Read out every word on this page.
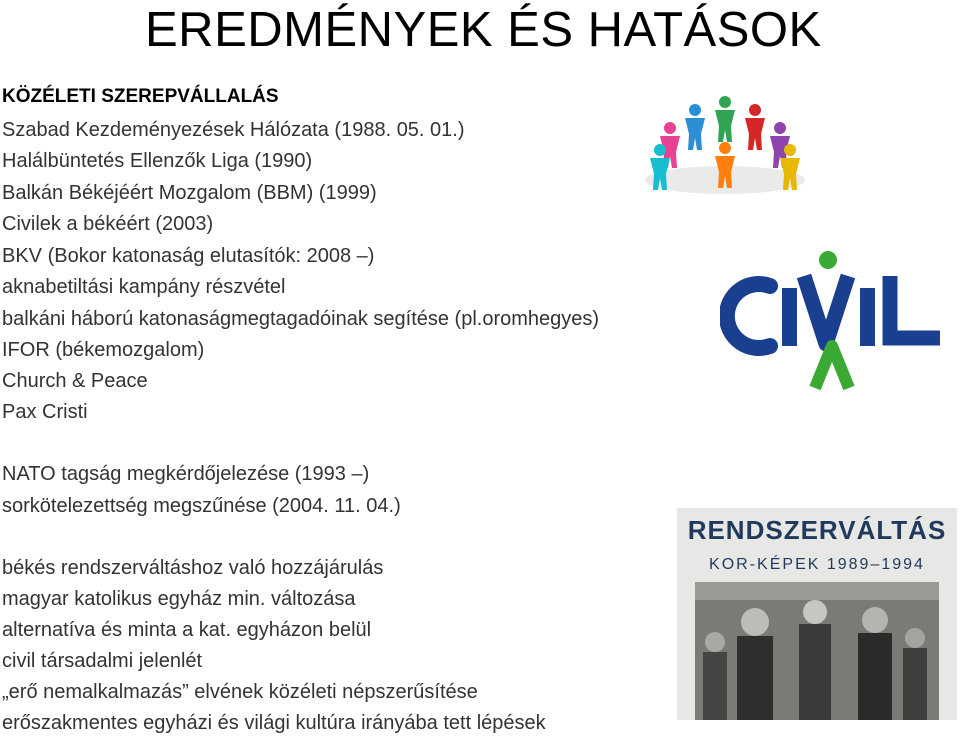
EREDMÉNYEK ÉS HATÁSOK
KÖZÉLETI SZEREPVÁLLALÁS
Szabad Kezdeményezések Hálózata (1988. 05. 01.)
Halálbüntetés Ellenzők Liga (1990)
Balkán Békéjéért Mozgalom (BBM) (1999)
Civilek a békéért (2003)
BKV (Bokor katonaság elutasítók: 2008 –)
aknabetiltási kampány részvétel
balkáni háború katonaságmegtagadóinak segítése (pl.oromhegyes)
IFOR (békemozgalom)
Church & Peace
Pax Cristi
NATO tagság megkérdőjelezése (1993 –)
sorkötelezettség megszűnése (2004. 11. 04.)
békés rendszerváltáshoz való hozzájárulás
magyar katolikus egyház min. változása
alternatíva és minta a kat. egyházon belül
civil társadalmi jelenlét
„erő nemalkalmazás” elvének közéleti népszerűsítése
erőszakmentes egyházi és világi kultúra irányába tett lépések
RENDSZERVÁLTÁS
KOR-KÉPEK 1989–1994
